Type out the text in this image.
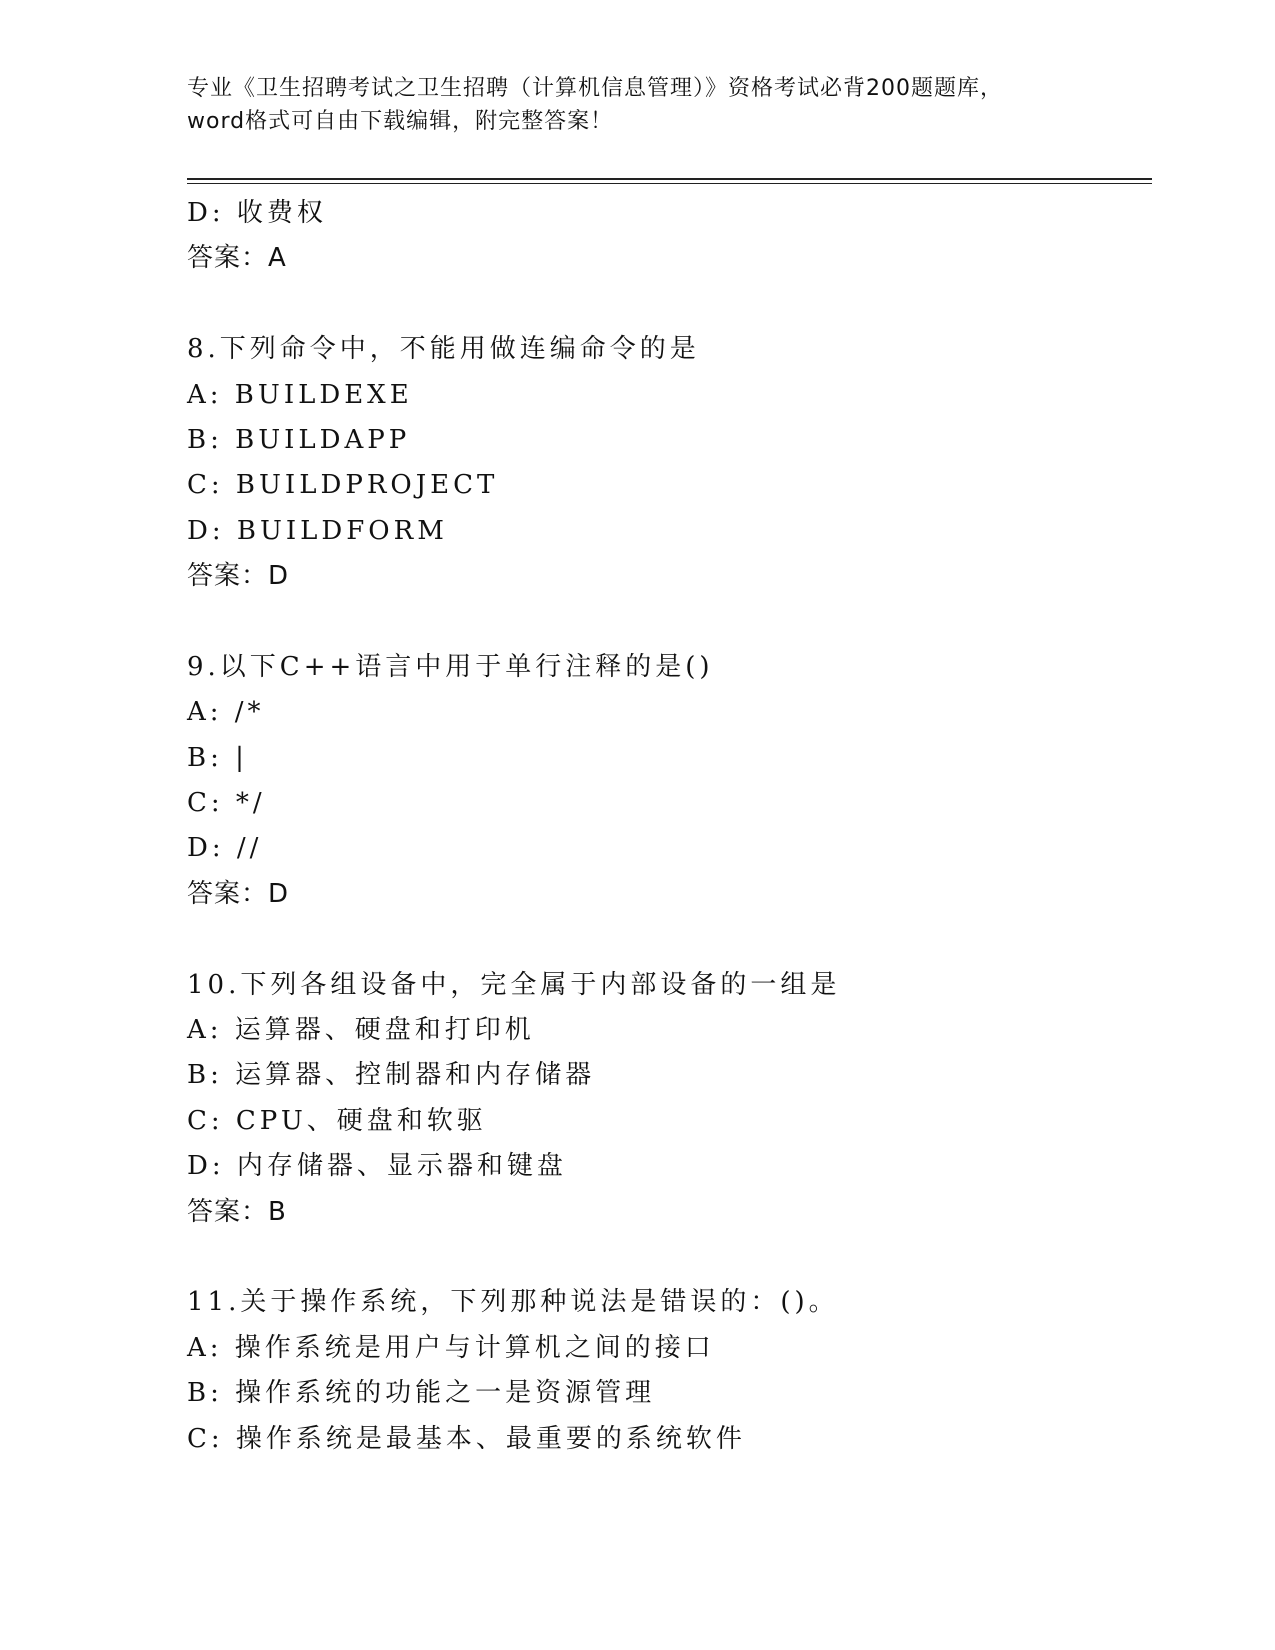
专业《卫生招聘考试之卫生招聘（计算机信息管理）》资格考试必背200题题库，
word格式可自由下载编辑，附完整答案！
D: 收费权
答案：A
8.下列命令中，不能用做连编命令的是
A: BUILDEXE
B: BUILDAPP
C: BUILDPROJECT
D: BUILDFORM
答案：D
9.以下C++语言中用于单行注释的是()
A: /*
B: |
C: */
D: //
答案：D
10.下列各组设备中，完全属于内部设备的一组是
A: 运算器、硬盘和打印机
B: 运算器、控制器和内存储器
C: CPU、硬盘和软驱
D: 内存储器、显示器和键盘
答案：B
11.关于操作系统，下列那种说法是错误的：()。
A: 操作系统是用户与计算机之间的接口
B: 操作系统的功能之一是资源管理
C: 操作系统是最基本、最重要的系统软件
